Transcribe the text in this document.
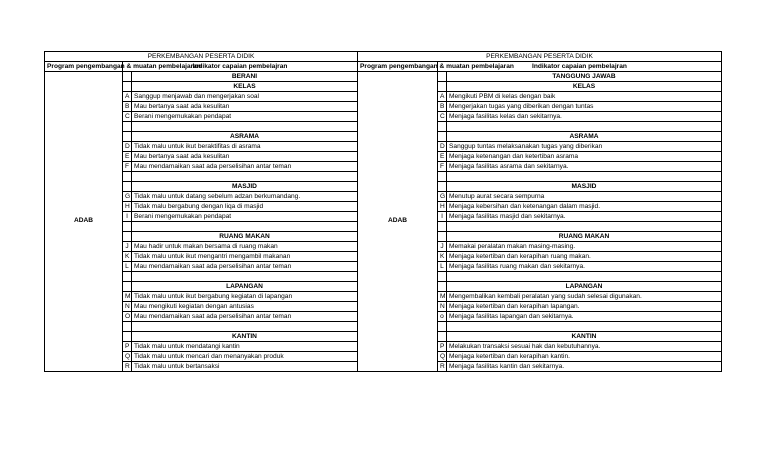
PERKEMBANGAN PESERTA DIDIK			PERKEMBANGAN PESERTA DIDIK		
Program pengembangan & muatan pembelajaran	Indikator capaian pembelajran		Program pengembangan & muatan pembelajaran	Indikator capaian pembelajran	
ADAB		BERANI	ADAB		TANGGUNG JAWAB
		KELAS			KELAS
	A	Sanggup menjawab dan mengerjakan soal		A	Mengikuti PBM di kelas dengan baik
	B	Mau bertanya saat ada kesulitan		B	Mengerjakan tugas yang diberikan dengan tuntas
	C	Berani mengemukakan pendapat		C	Menjaga fasilitas kelas dan sekitarnya.

		ASRAMA			ASRAMA
	D	Tidak malu untuk ikut beraktifitas di asrama		D	Sanggup tuntas melaksanakan tugas yang diberikan
	E	Mau bertanya saat ada kesulitan		E	Menjaga ketenangan dan ketertiban asrama
	F	Mau mendamaikan saat ada perselisihan antar teman		F	Menjaga fasilitas asrama dan sekitarnya.

		MASJID			MASJID
	G	Tidak malu untuk datang sebelum adzan berkumandang.		G	Menutup aurat secara sempurna
	H	Tidak malu bergabung dengan liqa di masjid		H	Menjaga kebersihan dan ketenangan dalam masjid.
	I	Berani mengemukakan pendapat		I	Menjaga fasilitas masjid dan sekitarnya.

		RUANG MAKAN			RUANG MAKAN
	J	Mau hadir untuk makan bersama di ruang makan		J	Memakai peralatan makan masing-masing.
	K	Tidak malu untuk ikut mengantri mengambil makanan		K	Menjaga ketertiban dan kerapihan ruang makan.
	L	Mau mendamaikan saat ada perselisihan antar teman		L	Menjaga fasilitas ruang makan dan sekitarnya.

		LAPANGAN			LAPANGAN
	M	Tidak malu untuk ikut bergabung kegiatan di lapangan		M	Mengembalikan kembali peralatan yang sudah selesai digunakan.
	N	Mau mengikuti kegiatan dengan antusias		N	Menjaga ketertiban dan kerapihan lapangan.
	O	Mau mendamaikan saat ada perselisihan antar teman		o	Menjaga fasilitas lapangan dan sekitarnya.

		KANTIN			KANTIN
	P	Tidak malu untuk mendatangi kantin		P	Melakukan transaksi sesuai hak dan kebutuhannya.
	Q	Tidak malu untuk mencari dan menanyakan produk		Q	Menjaga ketertiban dan kerapihan kantin.
	R	Tidak malu untuk bertansaksi		R	Menjaga fasilitas kantin dan sekitarnya.
